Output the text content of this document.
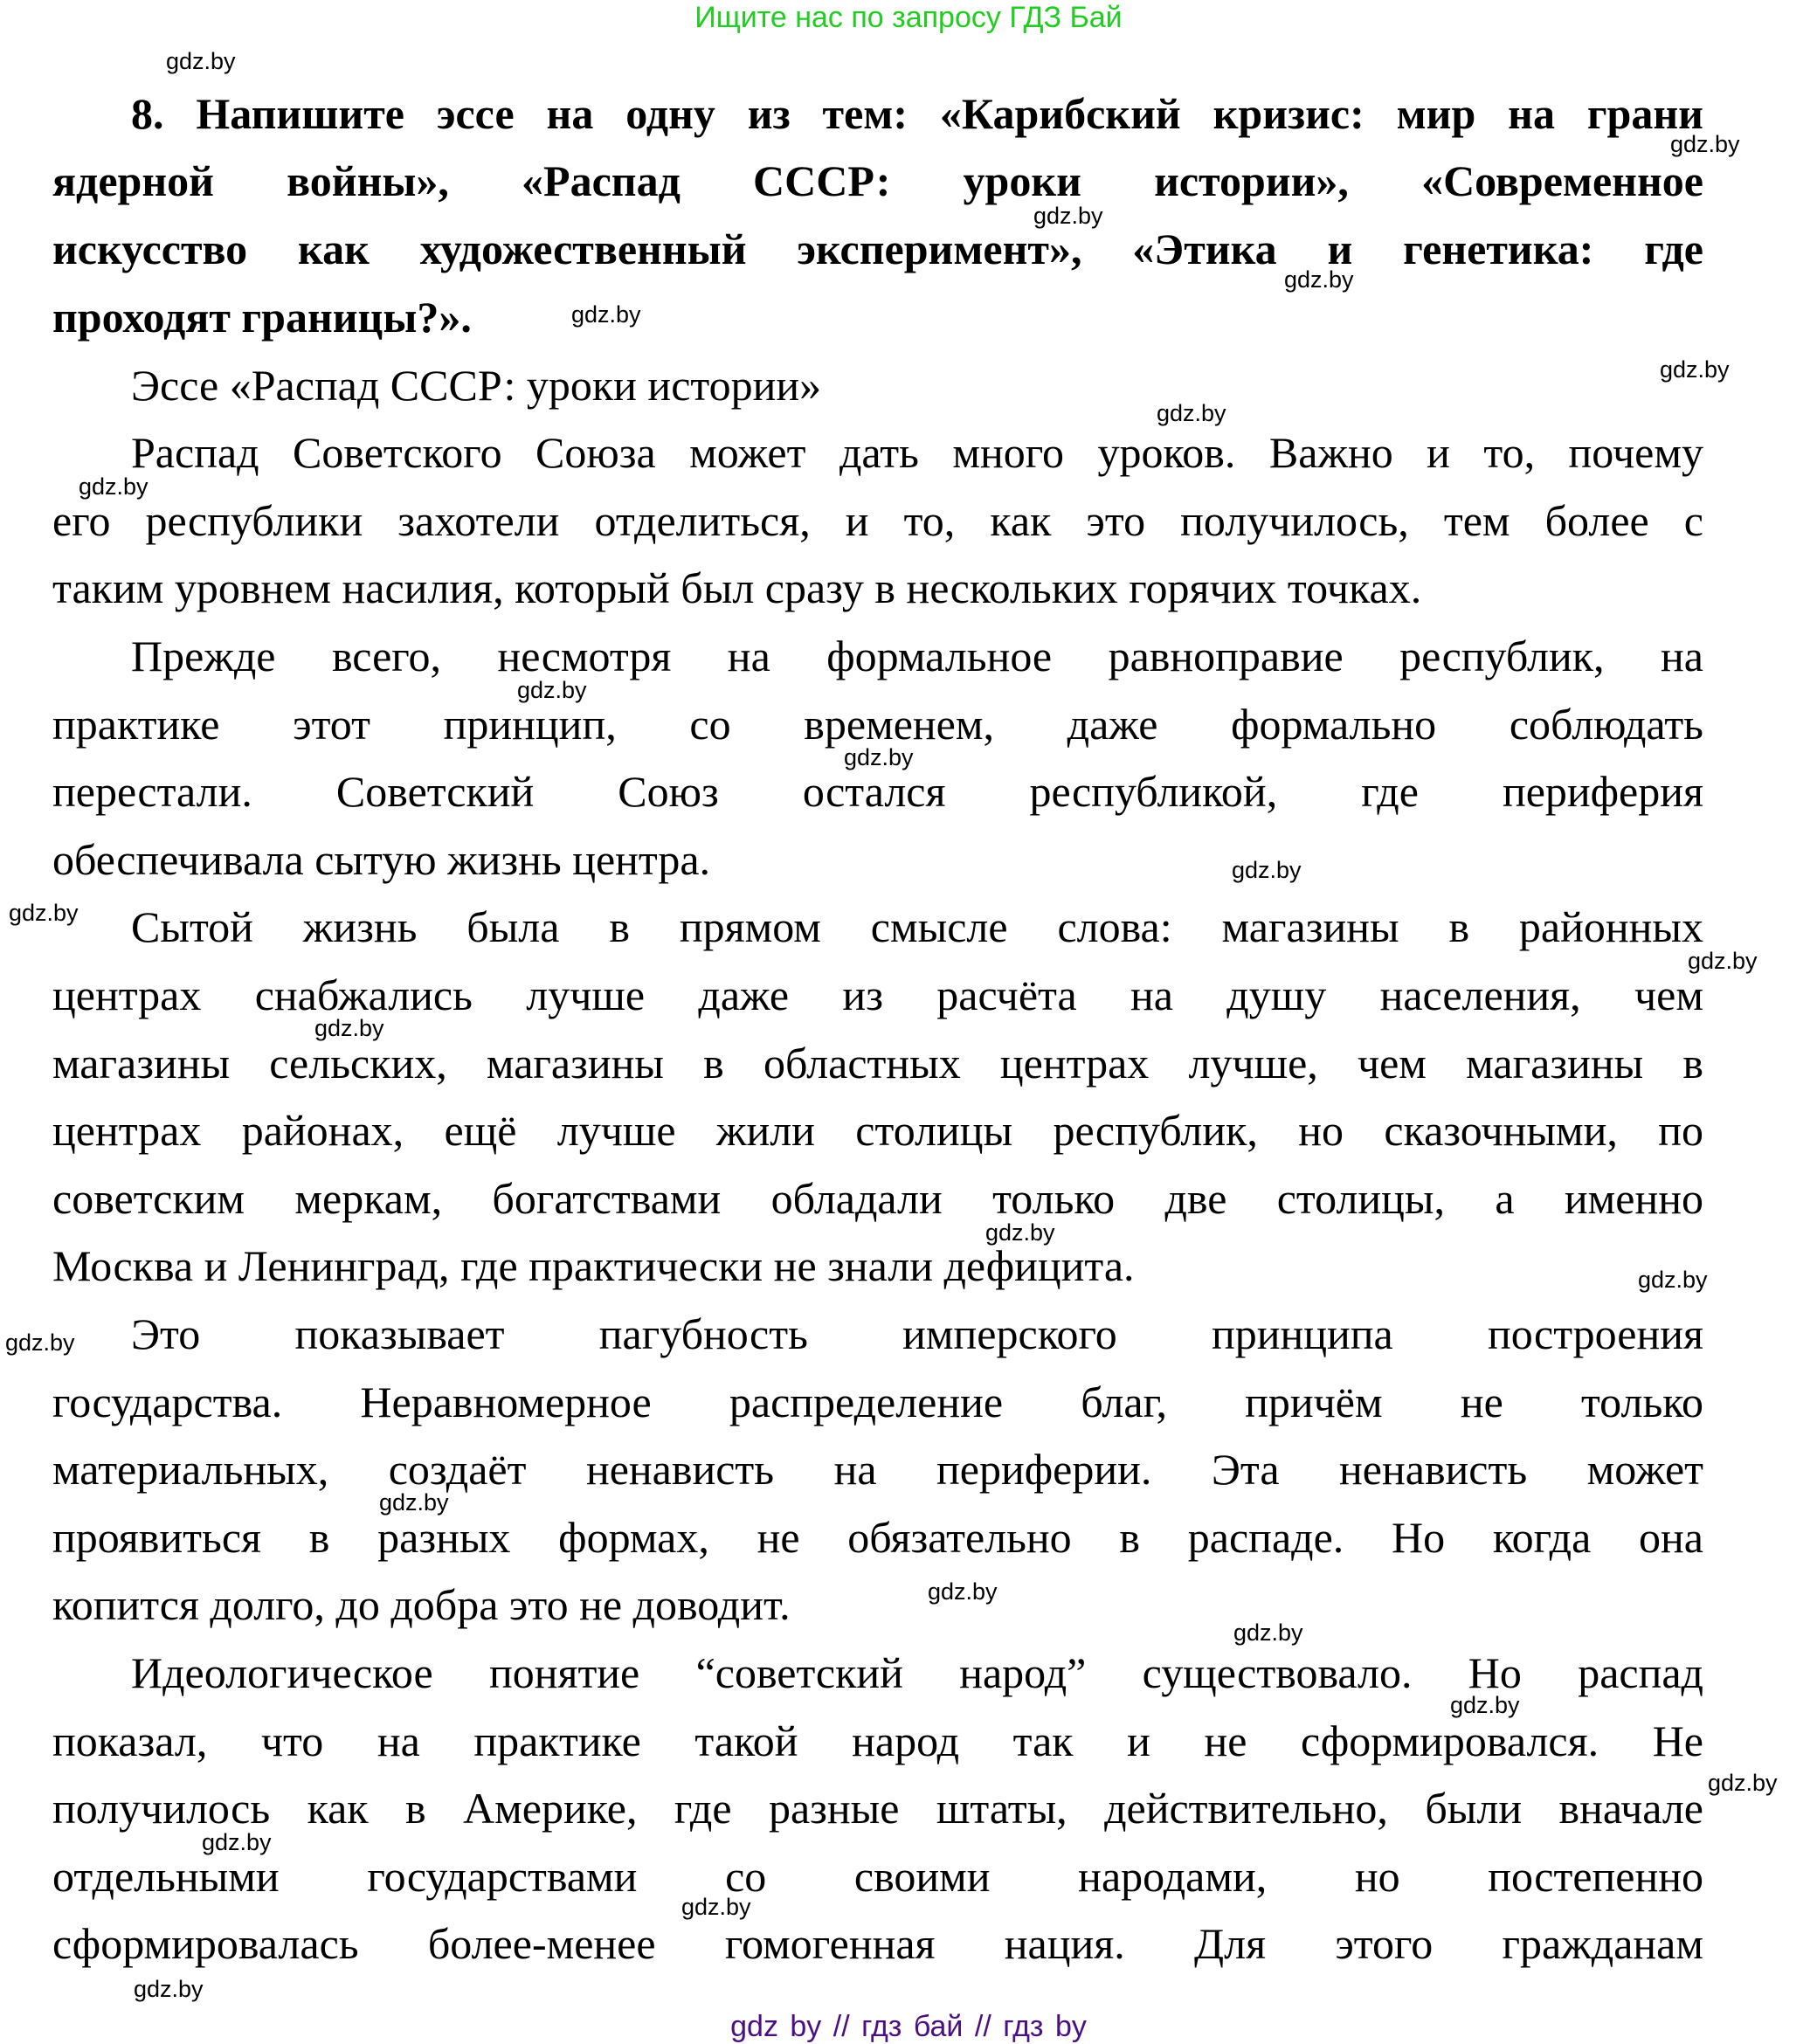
Ищите нас по запросу ГДЗ Бай
8. Напишите эссе на одну из тем: «Карибский кризис: мир на грани
ядерной войны», «Распад СССР: уроки истории», «Современное
искусство как художественный эксперимент», «Этика и генетика: где
проходят границы?».
Эссе «Распад СССР: уроки истории»
Распад Советского Союза может дать много уроков. Важно и то, почему
его республики захотели отделиться, и то, как это получилось, тем более с
таким уровнем насилия, который был сразу в нескольких горячих точках.
Прежде всего, несмотря на формальное равноправие республик, на
практике этот принцип, со временем, даже формально соблюдать
перестали. Советский Союз остался республикой, где периферия
обеспечивала сытую жизнь центра.
Сытой жизнь была в прямом смысле слова: магазины в районных
центрах снабжались лучше даже из расчёта на душу населения, чем
магазины сельских, магазины в областных центрах лучше, чем магазины в
центрах районах, ещё лучше жили столицы республик, но сказочными, по
советским меркам, богатствами обладали только две столицы, а именно
Москва и Ленинград, где практически не знали дефицита.
Это показывает пагубность имперского принципа построения
государства. Неравномерное распределение благ, причём не только
материальных, создаёт ненависть на периферии. Эта ненависть может
проявиться в разных формах, не обязательно в распаде. Но когда она
копится долго, до добра это не доводит.
Идеологическое понятие “советский народ” существовало. Но распад
показал, что на практике такой народ так и не сформировался. Не
получилось как в Америке, где разные штаты, действительно, были вначале
отдельными государствами со своими народами, но постепенно
сформировалась более-менее гомогенная нация. Для этого гражданам
gdz.by
gdz.by
gdz.by
gdz.by
gdz.by
gdz.by
gdz.by
gdz.by
gdz.by
gdz.by
gdz.by
gdz.by
gdz.by
gdz.by
gdz.by
gdz.by
gdz.by
gdz.by
gdz.by
gdz.by
gdz.by
gdz.by
gdz.by
gdz.by
gdz.by
gdz by // гдз бай // гдз by
